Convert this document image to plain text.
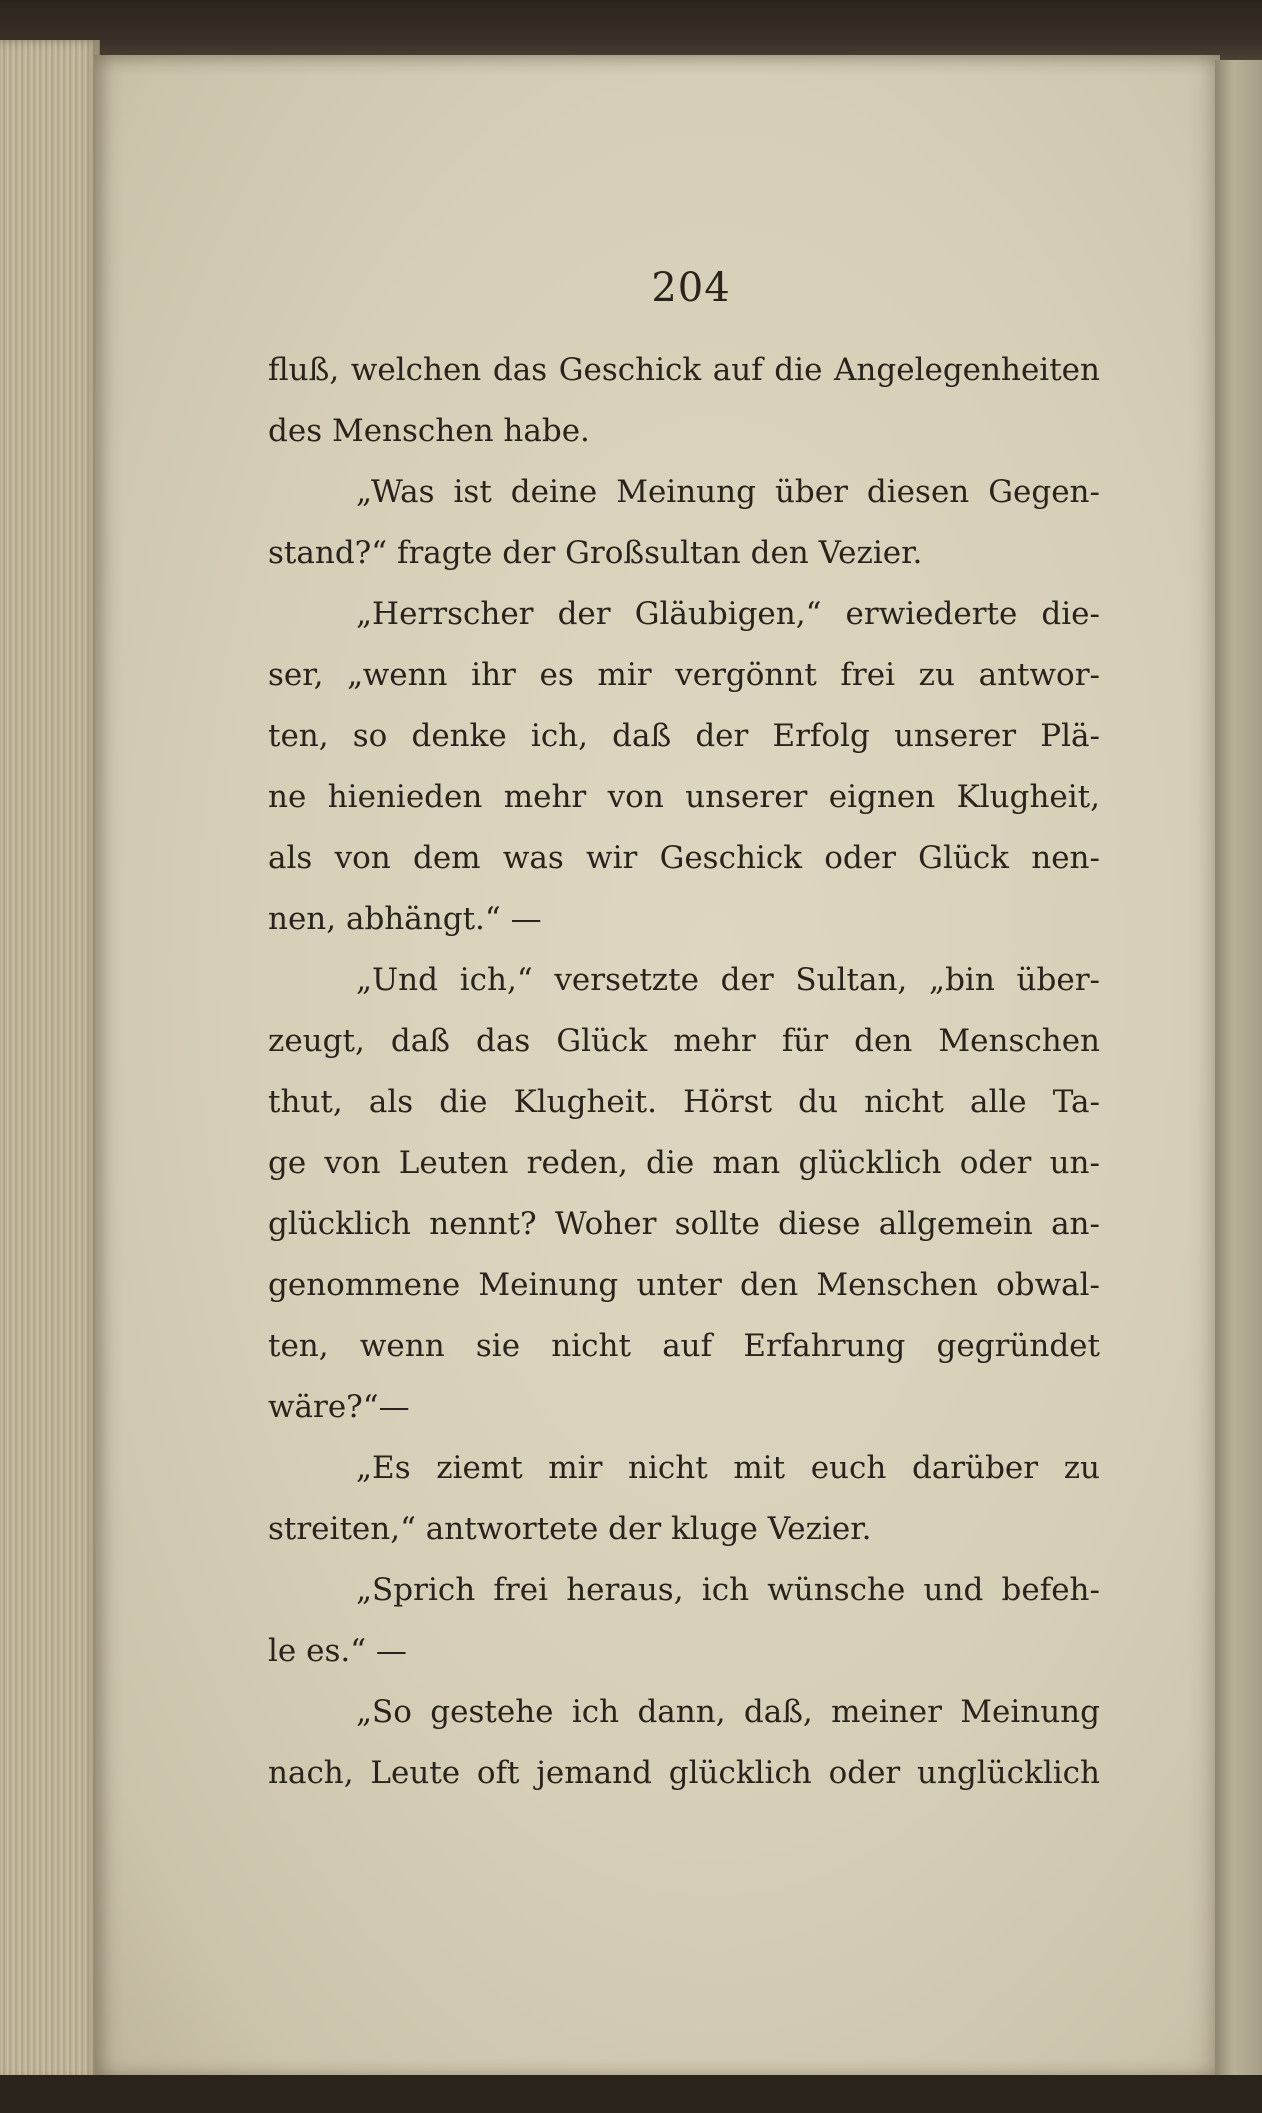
204
fluß, welchen das Geschick auf die Angelegenheiten
des Menschen habe.
„Was ist deine Meinung über diesen Gegen-
stand?“ fragte der Großsultan den Vezier.
„Herrscher der Gläubigen,“ erwiederte die-
ser, „wenn ihr es mir vergönnt frei zu antwor-
ten, so denke ich, daß der Erfolg unserer Plä-
ne hienieden mehr von unserer eignen Klugheit,
als von dem was wir Geschick oder Glück nen-
nen, abhängt.“ —
„Und ich,“ versetzte der Sultan, „bin über-
zeugt, daß das Glück mehr für den Menschen
thut, als die Klugheit. Hörst du nicht alle Ta-
ge von Leuten reden, die man glücklich oder un-
glücklich nennt? Woher sollte diese allgemein an-
genommene Meinung unter den Menschen obwal-
ten, wenn sie nicht auf Erfahrung gegründet
wäre?“—
„Es ziemt mir nicht mit euch darüber zu
streiten,“ antwortete der kluge Vezier.
„Sprich frei heraus, ich wünsche und befeh-
le es.“ —
„So gestehe ich dann, daß, meiner Meinung
nach, Leute oft jemand glücklich oder unglücklich
